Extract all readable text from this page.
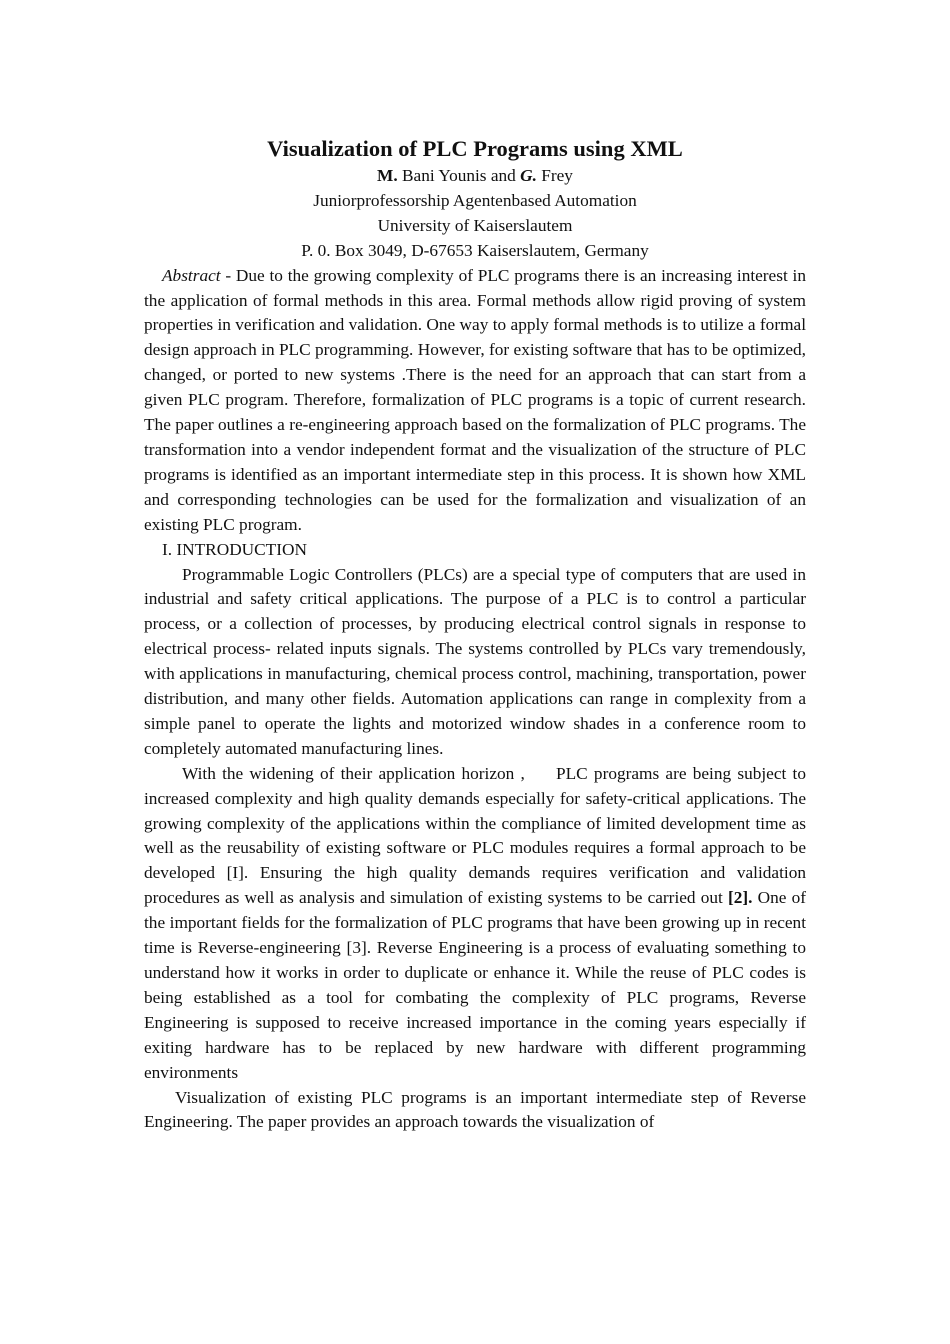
Visualization of PLC Programs using XML

M. Bani Younis and G. Frey

Juniorprofessorship Agentenbased Automation

University of Kaiserslautem

P. 0. Box 3049, D-67653 Kaiserslautem, Germany

Abstract - Due to the growing complexity of PLC programs there is an increasing interest in the application of formal methods in this area. Formal methods allow rigid proving of system properties in verification and validation. One way to apply formal methods is to utilize a formal design approach in PLC programming. However, for existing software that has to be optimized, changed, or ported to new systems .There is the need for an approach that can start from a given PLC program. Therefore, formalization of PLC programs is a topic of current research. The paper outlines a re-engineering approach based on the formalization of PLC programs. The transformation into a vendor independent format and the visualization of the structure of PLC programs is identified as an important intermediate step in this process. It is shown how XML and corresponding technologies can be used for the formalization and visualization of an existing PLC program.

I. INTRODUCTION

Programmable Logic Controllers (PLCs) are a special type of computers that are used in industrial and safety critical applications. The purpose of a PLC is to control a particular process, or a collection of processes, by producing electrical control signals in response to electrical process- related inputs signals. The systems controlled by PLCs vary tremendously, with applications in manufacturing, chemical process control, machining, transportation, power distribution, and many other fields. Automation applications can range in complexity from a simple panel to operate the lights and motorized window shades in a conference room to completely automated manufacturing lines.

With the widening of their application horizon ,     PLC programs are being subject to increased complexity and high quality demands especially for safety-critical applications. The growing complexity of the applications within the compliance of limited development time as well as the reusability of existing software or PLC modules requires a formal approach to be developed [I]. Ensuring the high quality demands requires verification and validation procedures as well as analysis and simulation of existing systems to be carried out [2]. One of the important fields for the formalization of PLC programs that have been growing up in recent time is Reverse-engineering [3]. Reverse Engineering is a process of evaluating something to understand how it works in order to duplicate or enhance it. While the reuse of PLC codes is being established as a tool for combating the complexity of PLC programs, Reverse Engineering is supposed to receive increased importance in the coming years especially if exiting hardware has to be replaced by new hardware with different programming environments

Visualization of existing PLC programs is an important intermediate step of Reverse Engineering. The paper provides an approach towards the visualization of
